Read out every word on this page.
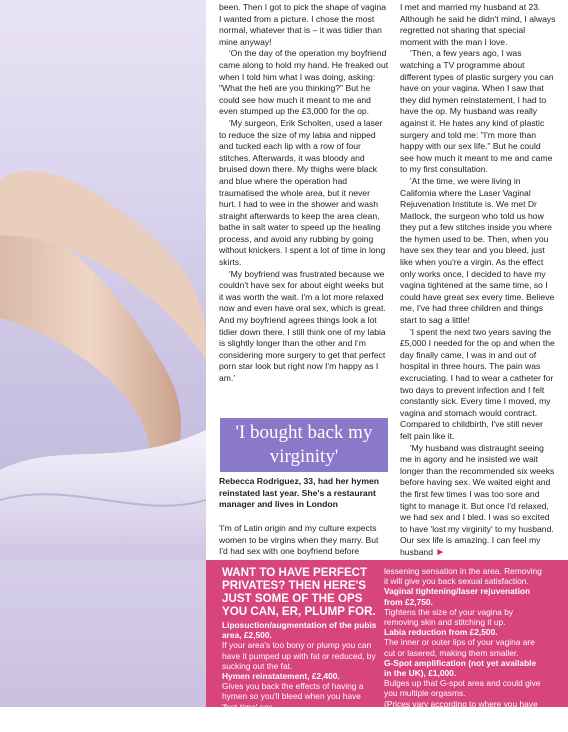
been. Then I got to pick the shape of vagina I wanted from a picture. I chose the most normal, whatever that is – it was tidier than mine anyway!

'On the day of the operation my boyfriend came along to hold my hand. He freaked out when I told him what I was doing, asking: "What the hell are you thinking?" But he could see how much it meant to me and even stumped up the £3,000 for the op.

'My surgeon, Erik Scholten, used a laser to reduce the size of my labia and nipped and tucked each lip with a row of four stitches. Afterwards, it was bloody and bruised down there. My thighs were black and blue where the operation had traumatised the whole area, but it never hurt. I had to wee in the shower and wash straight afterwards to keep the area clean, bathe in salt water to speed up the healing process, and avoid any rubbing by going without knickers. I spent a lot of time in long skirts.

'My boyfriend was frustrated because we couldn't have sex for about eight weeks but it was worth the wait. I'm a lot more relaxed now and even have oral sex, which is great. And my boyfriend agrees things look a lot tidier down there. I still think one of my labia is slightly longer than the other and I'm considering more surgery to get that perfect porn star look but right now I'm happy as I am.'

'I bought back my virginity'
Rebecca Rodriguez, 33, had her hymen reinstated last year. She's a restaurant manager and lives in London
'I'm of Latin origin and my culture expects women to be virgins when they marry. But I'd had sex with one boyfriend before

I met and married my husband at 23. Although he said he didn't mind, I always regretted not sharing that special moment with the man I love.

'Then, a few years ago, I was watching a TV programme about different types of plastic surgery you can have on your vagina. When I saw that they did hymen reinstatement, I had to have the op. My husband was really against it. He hates any kind of plastic surgery and told me: "I'm more than happy with our sex life." But he could see how much it meant to me and came to my first consultation.

'At the time, we were living in California where the Laser Vaginal Rejuvenation Institute is. We met Dr Matlock, the surgeon who told us how they put a few stitches inside you where the hymen used to be. Then, when you have sex they tear and you bleed, just like when you're a virgin. As the effect only works once, I decided to have my vagina tightened at the same time, so I could have great sex every time. Believe me, I've had three children and things start to sag a little!

'I spent the next two years saving the £5,000 I needed for the op and when the day finally came, I was in and out of hospital in three hours. The pain was excruciating. I had to wear a catheter for two days to prevent infection and I felt constantly sick. Every time I moved, my vagina and stomach would contract. Compared to childbirth, I've still never felt pain like it.

'My husband was distraught seeing me in agony and he insisted we wait longer than the recommended six weeks before having sex. We waited eight and the first few times I was too sore and tight to manage it. But once I'd relaxed, we had sex and I bled. I was so excited to have 'lost my virginity' to my husband. Our sex life is amazing. I can feel my husband ►

WANT TO HAVE PERFECT PRIVATES? THEN HERE'S JUST SOME OF THE OPS YOU CAN, ER, PLUMP FOR.

Liposuction/augmentation of the pubis area, £2,500.

If your area's too bony or plump you can have it pumped up with fat or reduced, by sucking out the fat.

Hymen reinstatement, £2,400.

Gives you back the effects of having a hymen so you'll bleed when you have 'first-time' sex.

Clitoral hood removal, £2,200.

Over the years, your clitoral hood can sag,

lessening sensation in the area. Removing it will give you back sexual satisfaction.

Vaginal tightening/laser rejuvenation from £2,750.

Tightens the size of your vagina by removing skin and stitching it up.

Labia reduction from £2,500.

The inner or outer lips of your vagina are cut or lasered, making them smaller.

G-Spot amplification (not yet available in the UK), £1,000.

Bulges up that G-spot area and could give you multiple orgasms.

(Prices vary according to where you have your treatment and the amount of work needed).
